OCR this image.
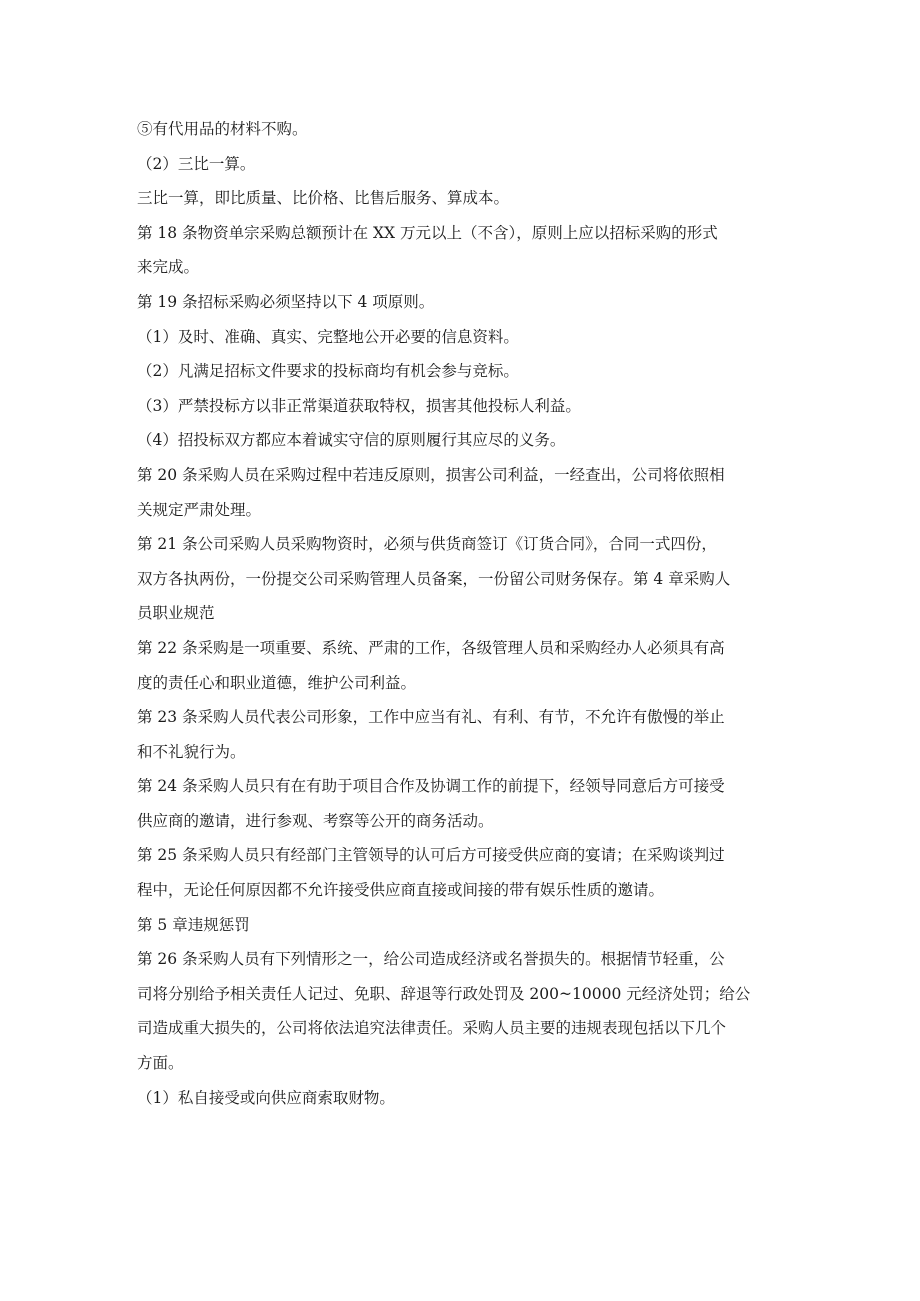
⑤有代用品的材料不购。
（2）三比一算。
三比一算，即比质量、比价格、比售后服务、算成本。
第 18 条物资单宗采购总额预计在 XX 万元以上（不含），原则上应以招标采购的形式
来完成。
第 19 条招标采购必须坚持以下 4 项原则。
（1）及时、准确、真实、完整地公开必要的信息资料。
（2）凡满足招标文件要求的投标商均有机会参与竞标。
（3）严禁投标方以非正常渠道获取特权，损害其他投标人利益。
（4）招投标双方都应本着诚实守信的原则履行其应尽的义务。
第 20 条采购人员在采购过程中若违反原则，损害公司利益，一经查出，公司将依照相
关规定严肃处理。
第 21 条公司采购人员采购物资时，必须与供货商签订《订货合同》，合同一式四份，
双方各执两份，一份提交公司采购管理人员备案，一份留公司财务保存。第 4 章采购人
员职业规范
第 22 条采购是一项重要、系统、严肃的工作，各级管理人员和采购经办人必须具有高
度的责任心和职业道德，维护公司利益。
第 23 条采购人员代表公司形象，工作中应当有礼、有利、有节，不允许有傲慢的举止
和不礼貌行为。
第 24 条采购人员只有在有助于项目合作及协调工作的前提下，经领导同意后方可接受
供应商的邀请，进行参观、考察等公开的商务活动。
第 25 条采购人员只有经部门主管领导的认可后方可接受供应商的宴请；在采购谈判过
程中，无论任何原因都不允许接受供应商直接或间接的带有娱乐性质的邀请。
第 5 章违规惩罚
第 26 条采购人员有下列情形之一，给公司造成经济或名誉损失的。根据情节轻重，公
司将分别给予相关责任人记过、免职、辞退等行政处罚及 200~10000 元经济处罚；给公
司造成重大损失的，公司将依法追究法律责任。采购人员主要的违规表现包括以下几个
方面。
（1）私自接受或向供应商索取财物。
